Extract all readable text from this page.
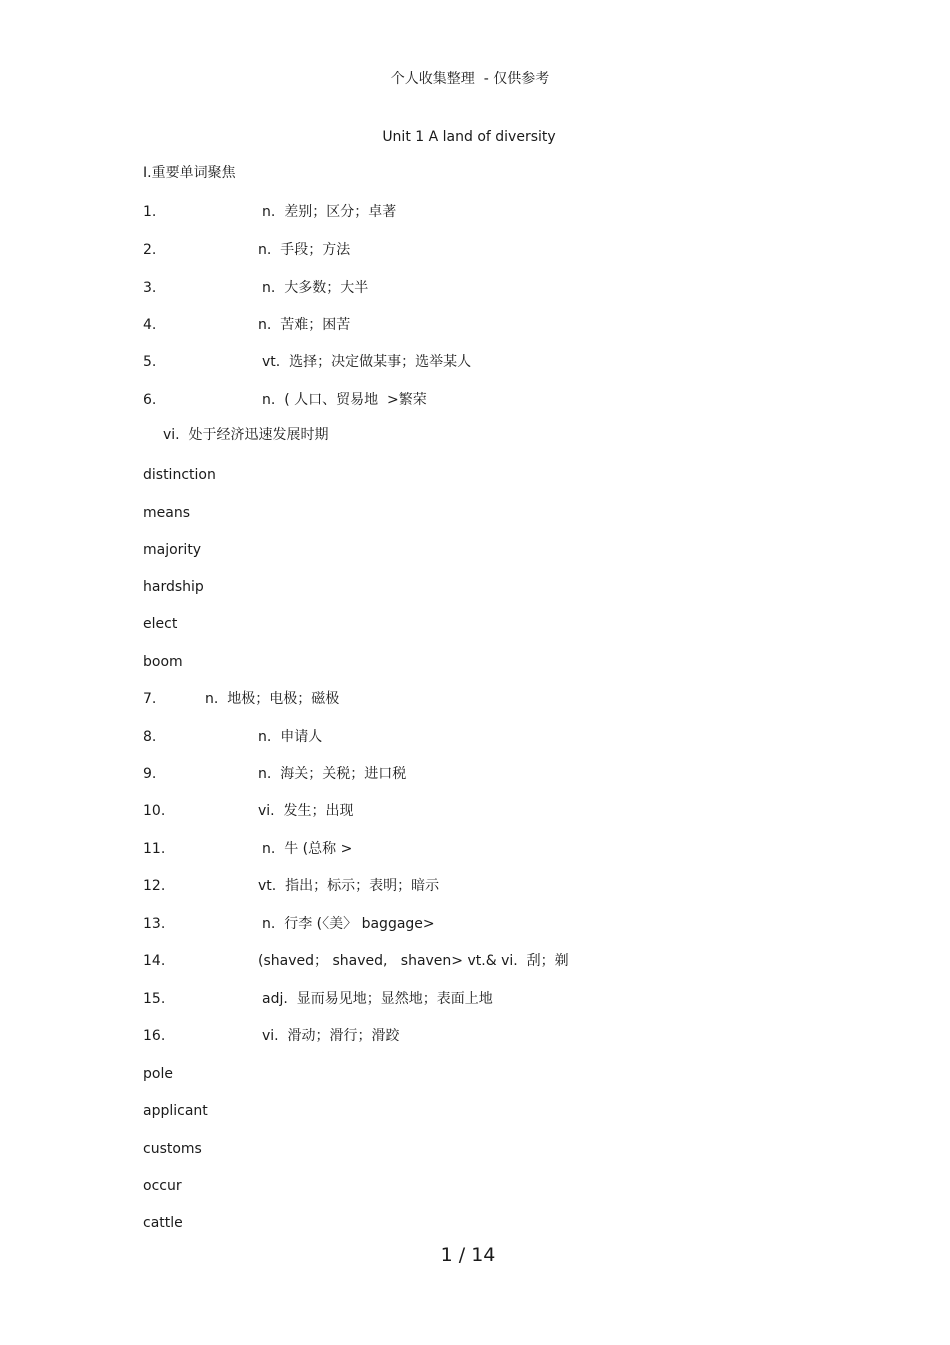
个人收集整理  - 仅供参考
Unit 1 A land of diversity
Ⅰ.重要单词聚焦
1.	n.  差别；区分；卓著
2.	n.  手段；方法
3.	n.  大多数；大半
4.	n.  苦难；困苦
5.	vt.  选择；决定做某事；选举某人
6.	n.  ( 人口、贸易地  >繁荣
vi.  处于经济迅速发展时期
distinction
means
majority
hardship
elect
boom
7.	n.  地极；电极；磁极
8.	n.  申请人
9.	n.  海关；关税；进口税
10.	vi.  发生；出现
11.	n.  牛 (总称 >
12.	vt.  指出；标示；表明；暗示
13.	n.  行李 (〈美〉 baggage>
14.	(shaved； shaved,   shaven> vt.& vi.  刮；剃
15.	adj.  显而易见地；显然地；表面上地
16.	vi.  滑动；滑行；滑跤
pole
applicant
customs
occur
cattle
1 / 14
